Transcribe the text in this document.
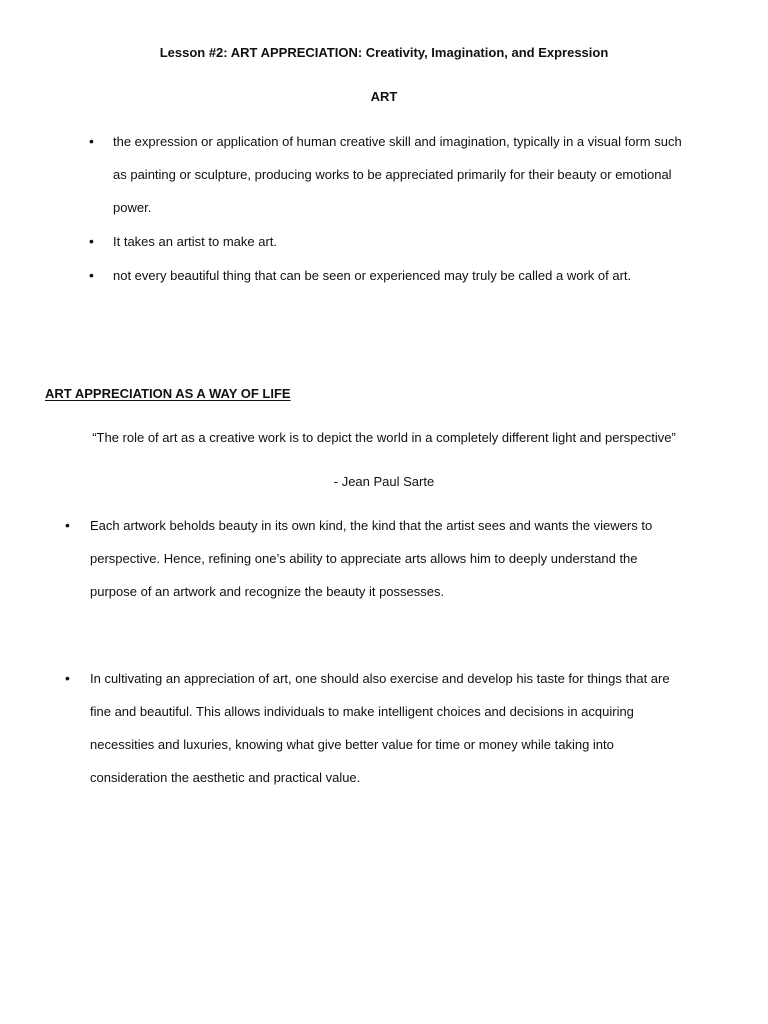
Lesson #2: ART APPRECIATION: Creativity, Imagination, and Expression
ART
• the expression or application of human creative skill and imagination, typically in a visual form such
as painting or sculpture, producing works to be appreciated primarily for their beauty or emotional
power.
• It takes an artist to make art.
• not every beautiful thing that can be seen or experienced may truly be called a work of art.
ART APPRECIATION AS A WAY OF LIFE
“The role of art as a creative work is to depict the world in a completely different light and perspective”
- Jean Paul Sarte
• Each artwork beholds beauty in its own kind, the kind that the artist sees and wants the viewers to
perspective. Hence, refining one’s ability to appreciate arts allows him to deeply understand the
purpose of an artwork and recognize the beauty it possesses.
• In cultivating an appreciation of art, one should also exercise and develop his taste for things that are
fine and beautiful. This allows individuals to make intelligent choices and decisions in acquiring
necessities and luxuries, knowing what give better value for time or money while taking into
consideration the aesthetic and practical value.
